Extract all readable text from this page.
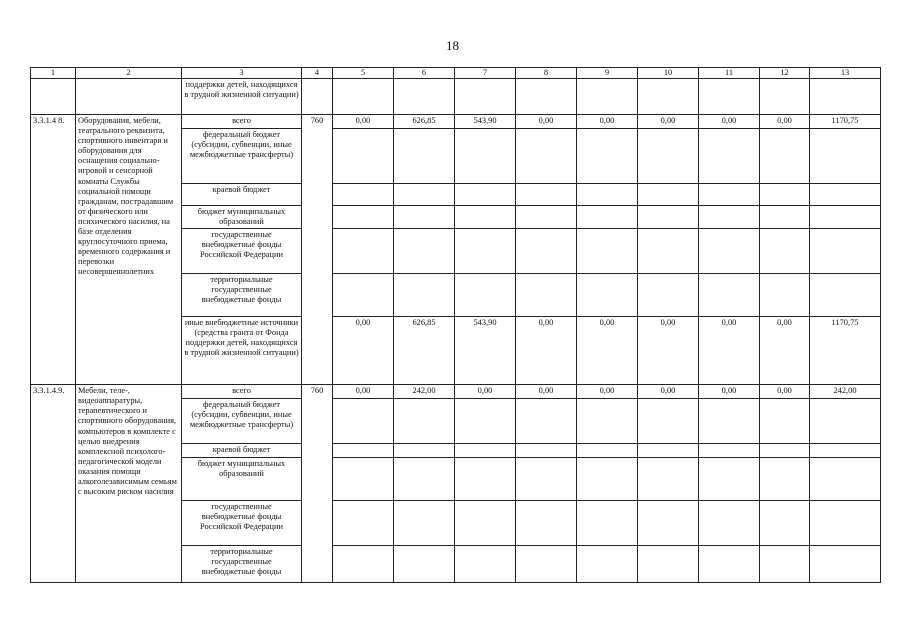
18
1	2	3	4	5	6	7	8	9	10	11	12	13
		поддержки детей, находящихся в трудной жизненной ситуации)										
3.3.1.4 8.	Оборудования, мебели, театрального реквизита, спортивного инвентаря и оборудования для оснащения социально-игровой и сенсорной комнаты Службы социальной помощи гражданам, пострадавшим от физического или психического насилия, на базе отделения круглосуточного приема, временного содержания и перевозки несовершеннолетних	всего	760	0,00	626,85	543,90	0,00	0,00	0,00	0,00	0,00	1170,75
		федеральный бюджет (субсидии, субвенции, иные межбюджетные трансферты)										
		краевой бюджет										
		бюджет муниципальных образований										
		государственные внебюджетные фонды Российской Федерации										
		территориальные государственные внебюджетные фонды										
		иные внебюджетные источники (средства гранта от Фонда поддержки детей, находящихся в трудной жизненной ситуации)		0,00	626,85	543,90	0,00	0,00	0,00	0,00	0,00	1170,75
3.3.1.4.9.	Мебели, теле-, видеоаппаратуры, терапевтического и спортивного оборудования, компьютеров в комплекте с целью внедрения комплексной психолого-педагогической модели оказания помощи алкоголезависимым семьям с высоким риском насилия	всего	760	0,00	242,00	0,00	0,00	0,00	0,00	0,00	0,00	242,00
		федеральный бюджет (субсидии, субвенции, иные межбюджетные трансферты)										
		краевой бюджет										
		бюджет муниципальных образований										
		государственные внебюджетные фонды Российской Федерации										
		территориальные государственные внебюджетные фонды										
